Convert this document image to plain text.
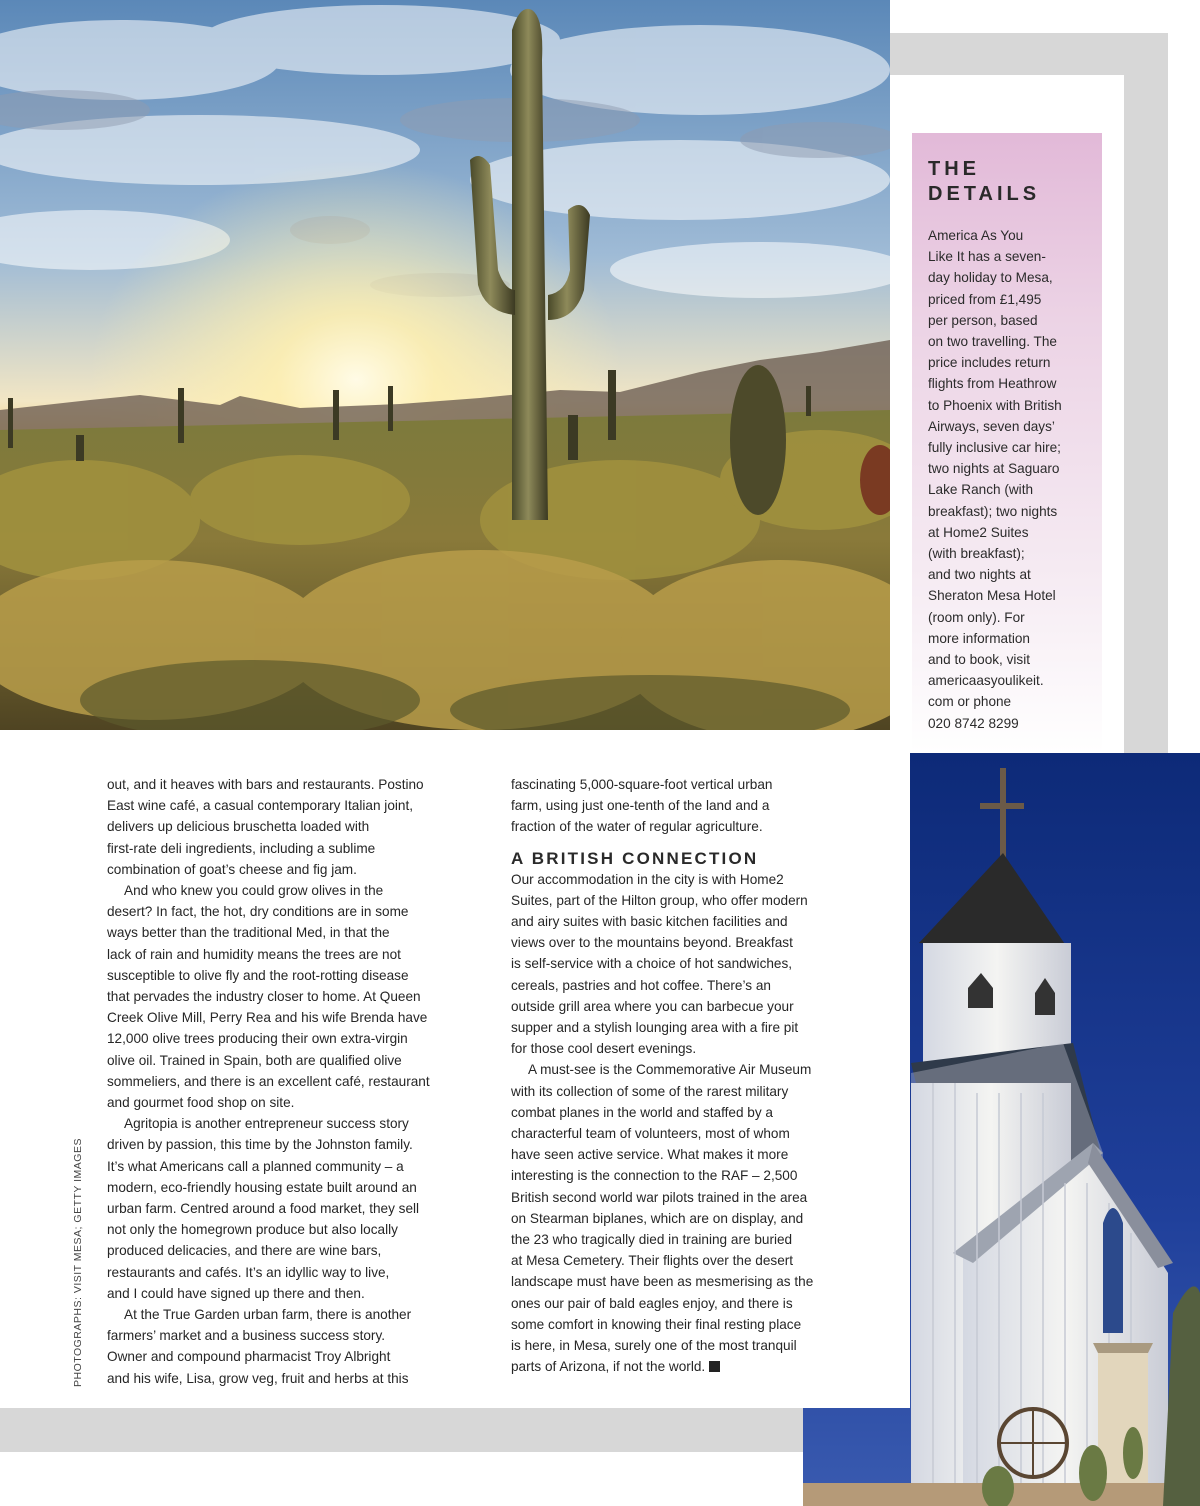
THE
DETAILS
America As You
Like It has a seven-
day holiday to Mesa,
priced from £1,495
per person, based
on two travelling. The
price includes return
flights from Heathrow
to Phoenix with British
Airways, seven days’
fully inclusive car hire;
two nights at Saguaro
Lake Ranch (with
breakfast); two nights
at Home2 Suites
(with breakfast);
and two nights at
Sheraton Mesa Hotel
(room only). For
more information
and to book, visit
americaasyoulikeit.
com or phone
020 8742 8299
out, and it heaves with bars and restaurants. Postino
East wine café, a casual contemporary Italian joint,
delivers up delicious bruschetta loaded with
first-rate deli ingredients, including a sublime
combination of goat’s cheese and fig jam.
And who knew you could grow olives in the
desert? In fact, the hot, dry conditions are in some
ways better than the traditional Med, in that the
lack of rain and humidity means the trees are not
susceptible to olive fly and the root-rotting disease
that pervades the industry closer to home. At Queen
Creek Olive Mill, Perry Rea and his wife Brenda have
12,000 olive trees producing their own extra-virgin
olive oil. Trained in Spain, both are qualified olive
sommeliers, and there is an excellent café, restaurant
and gourmet food shop on site.
Agritopia is another entrepreneur success story
driven by passion, this time by the Johnston family.
It’s what Americans call a planned community – a
modern, eco-friendly housing estate built around an
urban farm. Centred around a food market, they sell
not only the homegrown produce but also locally
produced delicacies, and there are wine bars,
restaurants and cafés. It’s an idyllic way to live,
and I could have signed up there and then.
At the True Garden urban farm, there is another
farmers’ market and a business success story.
Owner and compound pharmacist Troy Albright
and his wife, Lisa, grow veg, fruit and herbs at this
fascinating 5,000-square-foot vertical urban
farm, using just one-tenth of the land and a
fraction of the water of regular agriculture.
A BRITISH CONNECTION
Our accommodation in the city is with Home2
Suites, part of the Hilton group, who offer modern
and airy suites with basic kitchen facilities and
views over to the mountains beyond. Breakfast
is self-service with a choice of hot sandwiches,
cereals, pastries and hot coffee. There’s an
outside grill area where you can barbecue your
supper and a stylish lounging area with a fire pit
for those cool desert evenings.
A must-see is the Commemorative Air Museum
with its collection of some of the rarest military
combat planes in the world and staffed by a
characterful team of volunteers, most of whom
have seen active service. What makes it more
interesting is the connection to the RAF – 2,500
British second world war pilots trained in the area
on Stearman biplanes, which are on display, and
the 23 who tragically died in training are buried
at Mesa Cemetery. Their flights over the desert
landscape must have been as mesmerising as the
ones our pair of bald eagles enjoy, and there is
some comfort in knowing their final resting place
is here, in Mesa, surely one of the most tranquil
parts of Arizona, if not the world.
PHOTOGRAPHS: VISIT MESA; GETTY IMAGES
